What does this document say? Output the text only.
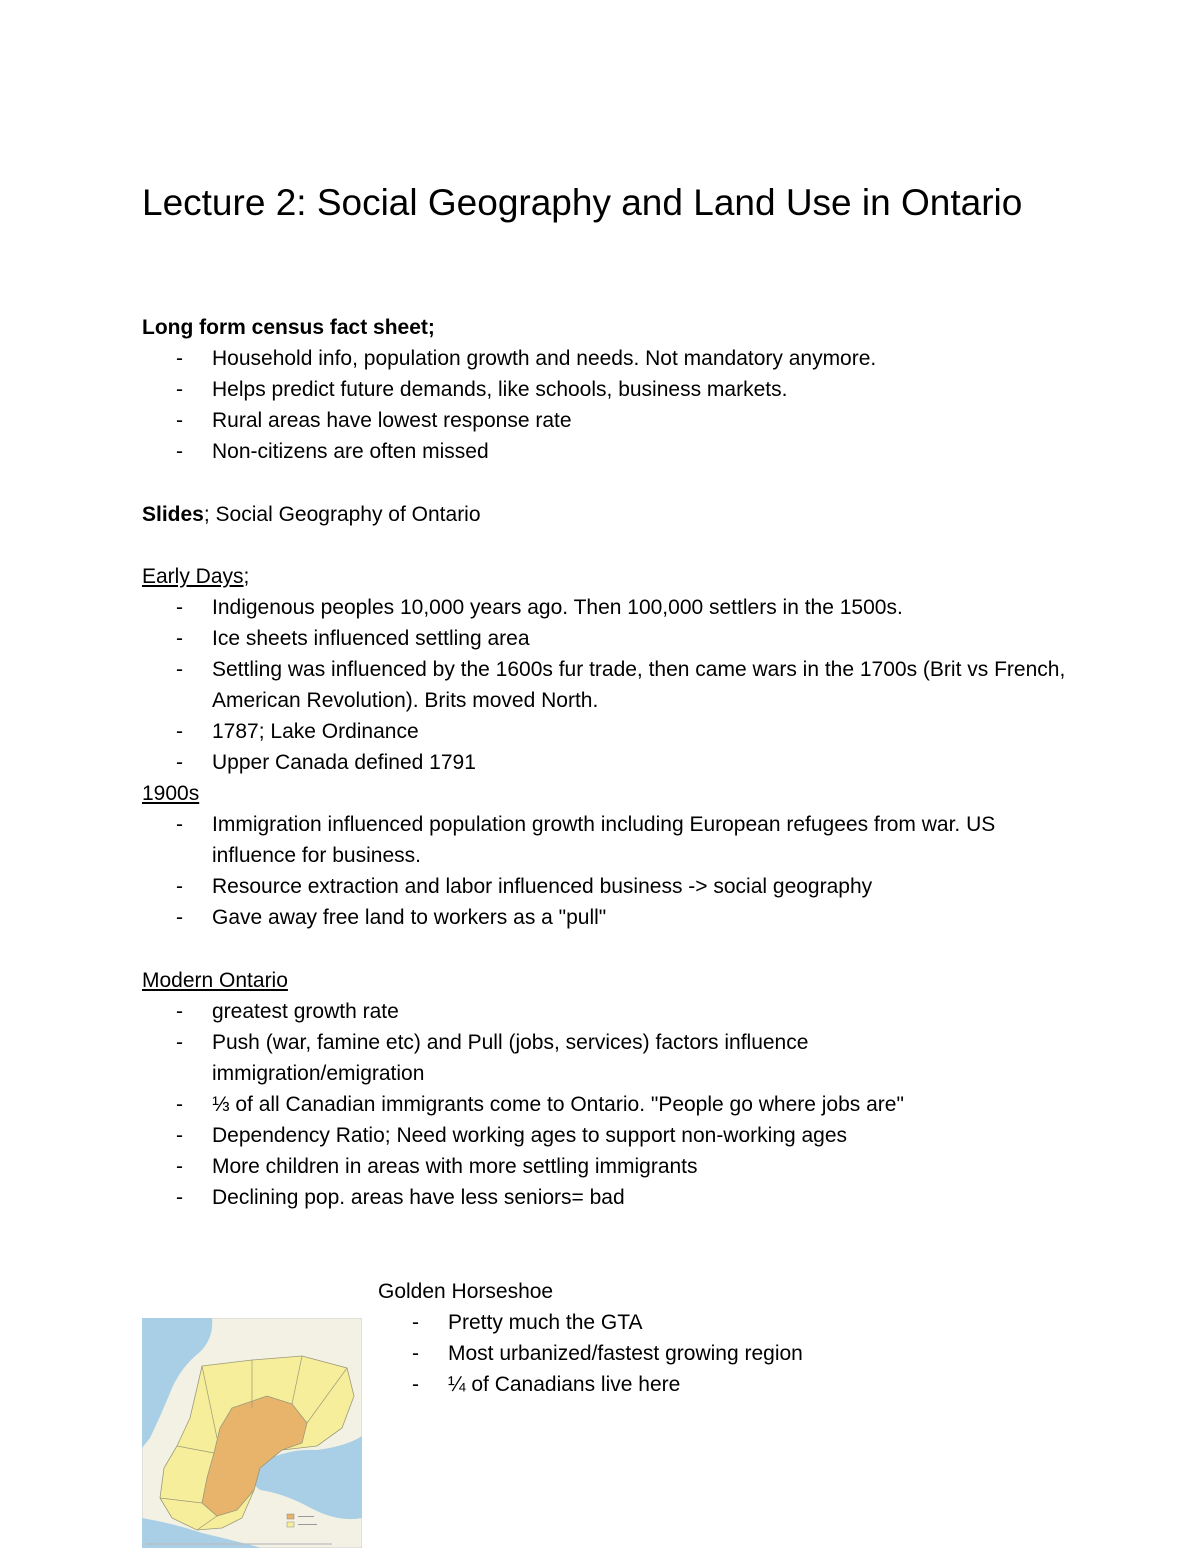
Lecture 2: Social Geography and Land Use in Ontario
Long form census fact sheet;
- Household info, population growth and needs. Not mandatory anymore.
- Helps predict future demands, like schools, business markets.
- Rural areas have lowest response rate
- Non-citizens are often missed
Slides; Social Geography of Ontario
Early Days;
- Indigenous peoples 10,000 years ago. Then 100,000 settlers in the 1500s.
- Ice sheets influenced settling area
- Settling was influenced by the 1600s fur trade, then came wars in the 1700s (Brit vs French, American Revolution). Brits moved North.
- 1787; Lake Ordinance
- Upper Canada defined 1791
1900s
- Immigration influenced population growth including European refugees from war. US influence for business.
- Resource extraction and labor influenced business -> social geography
- Gave away free land to workers as a "pull"
Modern Ontario
- greatest growth rate
- Push (war, famine etc) and Pull (jobs, services) factors influence immigration/emigration
- ⅓ of all Canadian immigrants come to Ontario. "People go where jobs are"
- Dependency Ratio; Need working ages to support non-working ages
- More children in areas with more settling immigrants
- Declining pop. areas have less seniors= bad
Golden Horseshoe
- Pretty much the GTA
- Most urbanized/fastest growing region
- ¼ of Canadians live here
